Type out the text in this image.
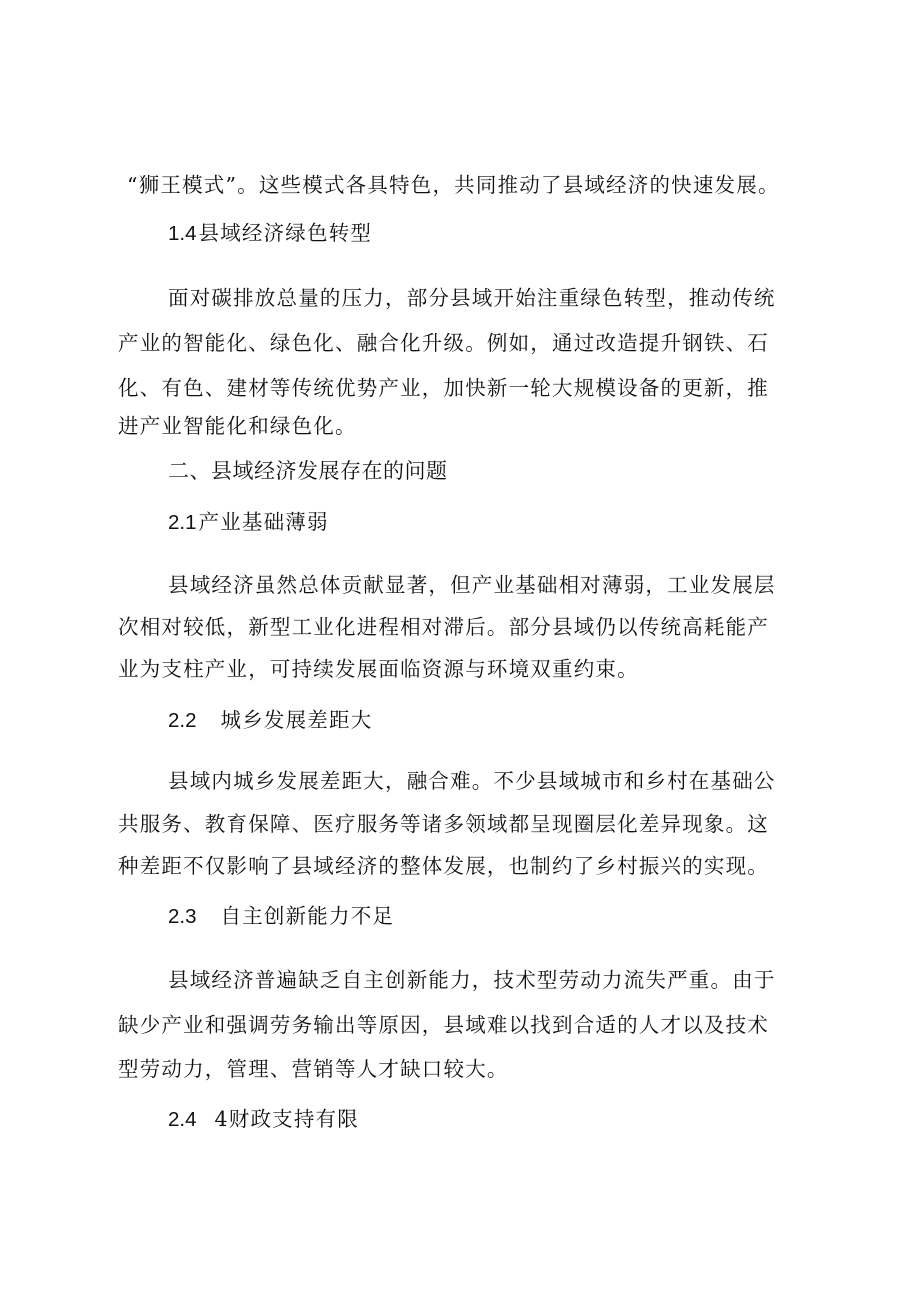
“狮王模式”。这些模式各具特色，共同推动了县域经济的快速发展。
1.4县域经济绿色转型
面对碳排放总量的压力，部分县域开始注重绿色转型，推动传统
产业的智能化、绿色化、融合化升级。例如，通过改造提升钢铁、石
化、有色、建材等传统优势产业，加快新一轮大规模设备的更新，推
进产业智能化和绿色化。
二、县域经济发展存在的问题
2.1产业基础薄弱
县域经济虽然总体贡献显著，但产业基础相对薄弱，工业发展层
次相对较低，新型工业化进程相对滞后。部分县域仍以传统高耗能产
业为支柱产业，可持续发展面临资源与环境双重约束。
2.2 城乡发展差距大
县域内城乡发展差距大，融合难。不少县域城市和乡村在基础公
共服务、教育保障、医疗服务等诸多领域都呈现圈层化差异现象。这
种差距不仅影响了县域经济的整体发展，也制约了乡村振兴的实现。
2.3 自主创新能力不足
县域经济普遍缺乏自主创新能力，技术型劳动力流失严重。由于
缺少产业和强调劳务输出等原因，县域难以找到合适的人才以及技术
型劳动力，管理、营销等人才缺口较大。
2.4 4财政支持有限
